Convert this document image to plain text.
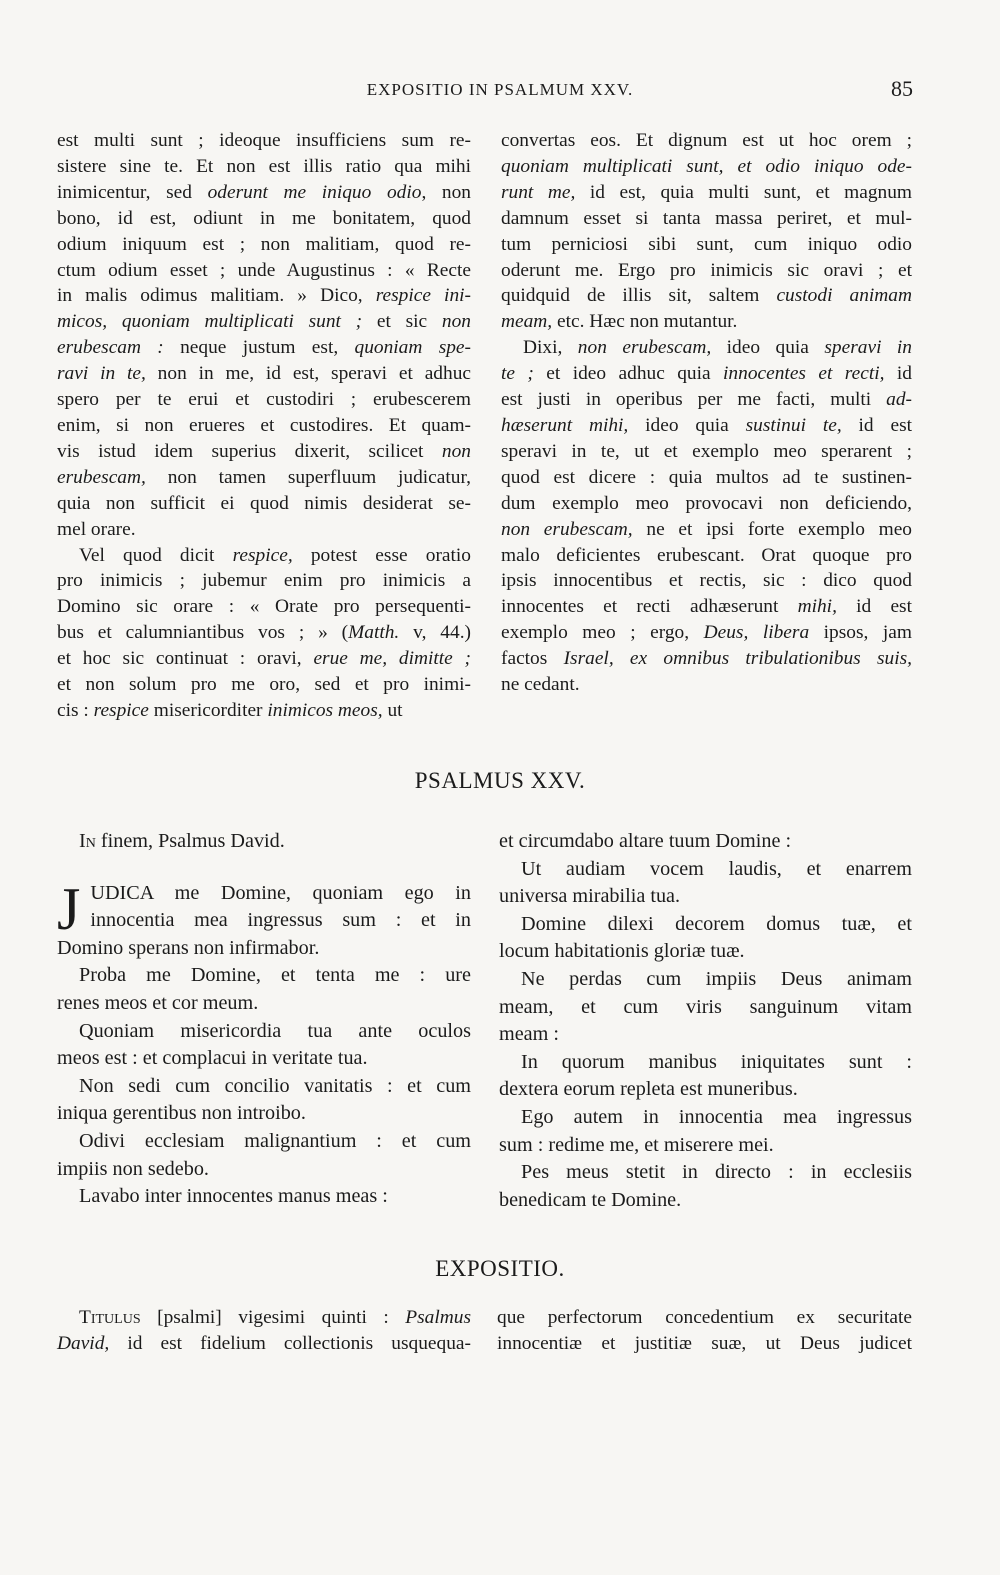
EXPOSITIO IN PSALMUM XXV.	85
est multi sunt ; ideoque insufficiens sum re-
sistere sine te. Et non est illis ratio qua mihi
inimicentur, sed oderunt me iniquo odio, non
bono, id est, odiunt in me bonitatem, quod
odium iniquum est ; non malitiam, quod re-
ctum odium esset ; unde Augustinus : « Recte
in malis odimus malitiam. » Dico, respice ini-
micos, quoniam multiplicati sunt ; et sic non
erubescam : neque justum est, quoniam spe-
ravi in te, non in me, id est, speravi et adhuc
spero per te erui et custodiri ; erubescerem
enim, si non erueres et custodires. Et quam-
vis istud idem superius dixerit, scilicet non
erubescam, non tamen superfluum judicatur,
quia non sufficit ei quod nimis desiderat se-
mel orare.
Vel quod dicit respice, potest esse oratio
pro inimicis ; jubemur enim pro inimicis a
Domino sic orare : « Orate pro persequenti-
bus et calumniantibus vos ; » (Matth. v, 44.)
et hoc sic continuat : oravi, erue me, dimitte ;
et non solum pro me oro, sed et pro inimi-
cis : respice misericorditer inimicos meos, ut
convertas eos. Et dignum est ut hoc orem ;
quoniam multiplicati sunt, et odio iniquo ode-
runt me, id est, quia multi sunt, et magnum
damnum esset si tanta massa periret, et mul-
tum perniciosi sibi sunt, cum iniquo odio
oderunt me. Ergo pro inimicis sic oravi ; et
quidquid de illis sit, saltem custodi animam
meam, etc. Hæc non mutantur.
Dixi, non erubescam, ideo quia speravi in
te ; et ideo adhuc quia innocentes et recti, id
est justi in operibus per me facti, multi ad-
hæserunt mihi, ideo quia sustinui te, id est
speravi in te, ut et exemplo meo sperarent ;
quod est dicere : quia multos ad te sustinen-
dum exemplo meo provocavi non deficiendo,
non erubescam, ne et ipsi forte exemplo meo
malo deficientes erubescant. Orat quoque pro
ipsis innocentibus et rectis, sic : dico quod
innocentes et recti adhæserunt mihi, id est
exemplo meo ; ergo, Deus, libera ipsos, jam
factos Israel, ex omnibus tribulationibus suis,
ne cedant.
PSALMUS XXV.
In finem, Psalmus David.
J UDICA me Domine, quoniam ego in
innocentia mea ingressus sum : et in
Domino sperans non infirmabor.
Proba me Domine, et tenta me : ure
renes meos et cor meum.
Quoniam misericordia tua ante oculos
meos est : et complacui in veritate tua.
Non sedi cum concilio vanitatis : et cum
iniqua gerentibus non introibo.
Odivi ecclesiam malignantium : et cum
impiis non sedebo.
Lavabo inter innocentes manus meas :
et circumdabo altare tuum Domine :
Ut audiam vocem laudis, et enarrem
universa mirabilia tua.
Domine dilexi decorem domus tuæ, et
locum habitationis gloriæ tuæ.
Ne perdas cum impiis Deus animam
meam, et cum viris sanguinum vitam
meam :
In quorum manibus iniquitates sunt :
dextera eorum repleta est muneribus.
Ego autem in innocentia mea ingressus
sum : redime me, et miserere mei.
Pes meus stetit in directo : in ecclesiis
benedicam te Domine.
EXPOSITIO.
Titulus [psalmi] vigesimi quinti : Psalmus
David, id est fidelium collectionis usquequa-
que perfectorum concedentium ex securitate
innocentiæ et justitiæ suæ, ut Deus judicet
